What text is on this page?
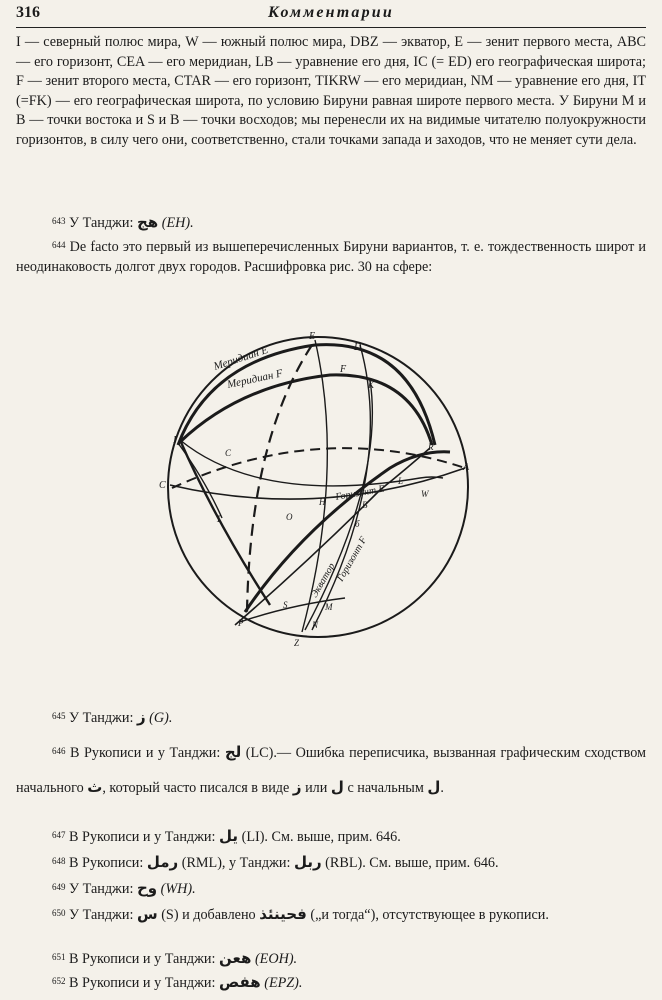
316	Комментарии

I — северный полюс мира, W — южный полюс мира, DBZ — экватор, E — зенит первого места, ABC — его горизонт, CEA — его меридиан, LB — уравнение его дня, IC (= ED) его географическая широта; F — зенит второго места, CTAR — его горизонт, TIKRW — его меридиан, NM — уравнение его дня, IT (=FK) — его географическая широта, по условию Бируни равная широте первого места. У Бируни M и B — точки востока и S и B — точки восходов; мы перенесли их на видимые читателю полуокружности горизонтов, в силу чего они, соответственно, стали точками запада и заходов, что не меняет сути дела.

$^{643}$ У Танджи: هج (EH).

$^{644}$ De facto это первый из вышеперечисленных Бируни вариантов, т. е. тождественность широт и неодинаковость долгот двух городов. Расшифровка рис. 30 на сфере:

Меридиан E
Меридиан F
Горизонт E
Горизонт F
Экватор
E
D
F
K
I
R
A
C
C
T	O
H	B
б
L
W
S	M
N
P
Z

$^{645}$ У Танджи: ز (G).

$^{646}$ В Рукописи и у Танджи: لج (LC).— Ошибка переписчика, вызванная графическим сходством начального ث, который часто писался в виде ز или ل с начальным ل.

$^{647}$ В Рукописи и у Танджи: يل (LI). См. выше, прим. 646.

$^{648}$ В Рукописи: رمل (RML), у Танджи: ربل (RBL). См. выше, прим. 646.

$^{649}$ У Танджи: وح (WH).

$^{650}$ У Танджи: س (S) и добавлено فحينئذ („и тогда“), отсутствующее в рукописи.

$^{651}$ В Рукописи и у Танджи: هعن (EOH).

$^{652}$ В Рукописи и у Танджи: هفص (EPZ).
